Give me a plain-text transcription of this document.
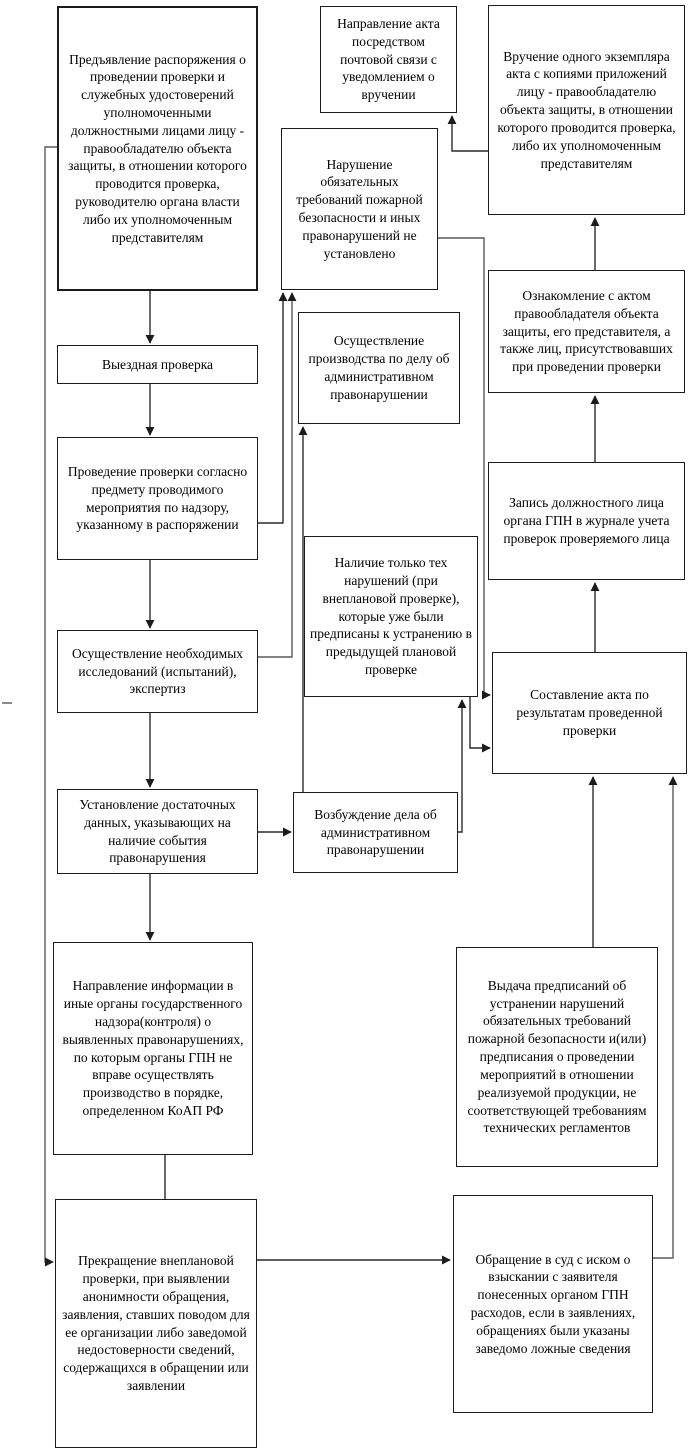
Предъявление распоряжения о проведении проверки и служебных удостоверений уполномоченными должностными лицами лицу - правообладателю объекта защиты, в отношении которого проводится проверка, руководителю органа власти либо их уполномоченным представителям
Выездная проверка
Проведение проверки согласно предмету проводимого мероприятия по надзору, указанному в распоряжении
Осуществление необходимых исследований (испытаний), экспертиз
Установление достаточных данных, указывающих на наличие события правонарушения
Направление информации в иные органы государственного надзора(контроля) о выявленных правонарушениях, по которым органы ГПН не вправе осуществлять производство в порядке, определенном КоАП РФ
Прекращение внеплановой проверки, при выявлении анонимности обращения, заявления, ставших поводом для ее организации либо заведомой недостоверности сведений, содержащихся в обращении или заявлении
Направление акта посредством почтовой связи с уведомлением о вручении
Нарушение обязательных требований пожарной безопасности и иных правонарушений не установлено
Осуществление производства по делу об административном правонарушении
Вручение одного экземпляра акта с копиями приложений лицу - правообладателю объекта защиты, в отношении которого проводится проверка, либо их уполномоченным представителям
Ознакомление с актом правообладателя объекта защиты, его представителя, а также лиц, присутствовавших при проведении проверки
Запись должностного лица органа ГПН в журнале учета проверок проверяемого лица
Составление акта по результатам проведенной проверки
Наличие только тех нарушений (при внеплановой проверке), которые уже были предписаны к устранению в предыдущей плановой проверке
Возбуждение дела об административном правонарушении
Выдача предписаний об устранении нарушений обязательных требований пожарной безопасности и(или) предписания о проведении мероприятий в отношении реализуемой продукции, не соответствующей требованиям технических регламентов
Обращение в суд с иском о взыскании с заявителя понесенных органом ГПН расходов, если в заявлениях, обращениях были указаны заведомо ложные сведения
